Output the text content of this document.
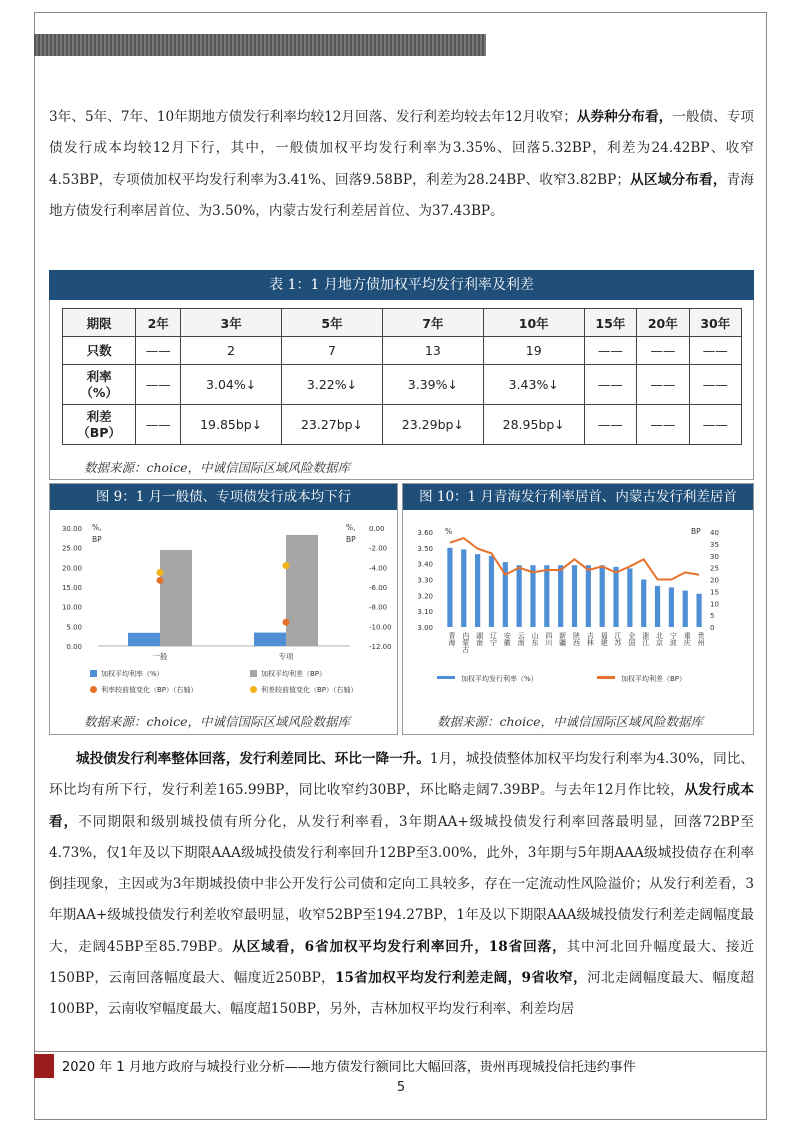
3年、5年、7年、10年期地方债发行利率均较12月回落、发行利差均较去年12月收窄；从券种分布看，一般债、专项债发行成本均较12月下行，其中，一般债加权平均发行利率为3.35%、回落5.32BP，利差为24.42BP、收窄4.53BP，专项债加权平均发行利率为3.41%、回落9.58BP，利差为28.24BP、收窄3.82BP；从区域分布看，青海地方债发行利率居首位、为3.50%，内蒙古发行利差居首位、为37.43BP。
表 1：1 月地方债加权平均发行利率及利差
期限	2年	3年	5年	7年	10年	15年	20年	30年
只数	——	2	7	13	19	——	——	——
利率
（%）	——	3.04%↓	3.22%↓	3.39%↓	3.43%↓	——	——	——
利差
（BP）	——	19.85bp↓	23.27bp↓	23.29bp↓	28.95bp↓	——	——	——
数据来源：choice，中诚信国际区域风险数据库
图 9：1 月一般债、专项债发行成本均下行
30.00
25.00
20.00
15.00
10.00
5.00
0.00
0.00
-2.00
-4.00
-6.00
-8.00
-10.00
-12.00
%,
BP
%,
BP
一般	专项
加权平均利率（%）	加权平均利差（BP）
利率较前值变化（BP）（右轴）	利差较前值变化（BP）（右轴）
数据来源：choice，中诚信国际区域风险数据库
图 10：1 月青海发行利率居首、内蒙古发行利差居首
3.60
3.50
3.40
3.30
3.20
3.10
3.00
40
35
30
25
20
15
10
5
0
%	BP
青海 内蒙古 湖南 辽宁 安徽 云南 山东 四川 新疆 陕西 吉林 福建 江苏 全国 浙江 北京 宁波 重庆 贵州
加权平均发行利率（%）	加权平均利差（BP）
数据来源：choice，中诚信国际区域风险数据库
城投债发行利率整体回落，发行利差同比、环比一降一升。1月，城投债整体加权平均发行利率为4.30%，同比、环比均有所下行，发行利差165.99BP，同比收窄约30BP，环比略走阔7.39BP。与去年12月作比较，从发行成本看，不同期限和级别城投债有所分化，从发行利率看，3年期AA+级城投债发行利率回落最明显，回落72BP至4.73%，仅1年及以下期限AAA级城投债发行利率回升12BP至3.00%，此外，3年期与5年期AAA级城投债存在利率倒挂现象，主因或为3年期城投债中非公开发行公司债和定向工具较多，存在一定流动性风险溢价；从发行利差看，3年期AA+级城投债发行利差收窄最明显，收窄52BP至194.27BP，1年及以下期限AAA级城投债发行利差走阔幅度最大，走阔45BP至85.79BP。从区域看，6省加权平均发行利率回升，18省回落，其中河北回升幅度最大、接近150BP，云南回落幅度最大、幅度近250BP，15省加权平均发行利差走阔，9省收窄，河北走阔幅度最大、幅度超100BP，云南收窄幅度最大、幅度超150BP，另外，吉林加权平均发行利率、利差均居
2020 年 1 月地方政府与城投行业分析——地方债发行额同比大幅回落，贵州再现城投信托违约事件
5
